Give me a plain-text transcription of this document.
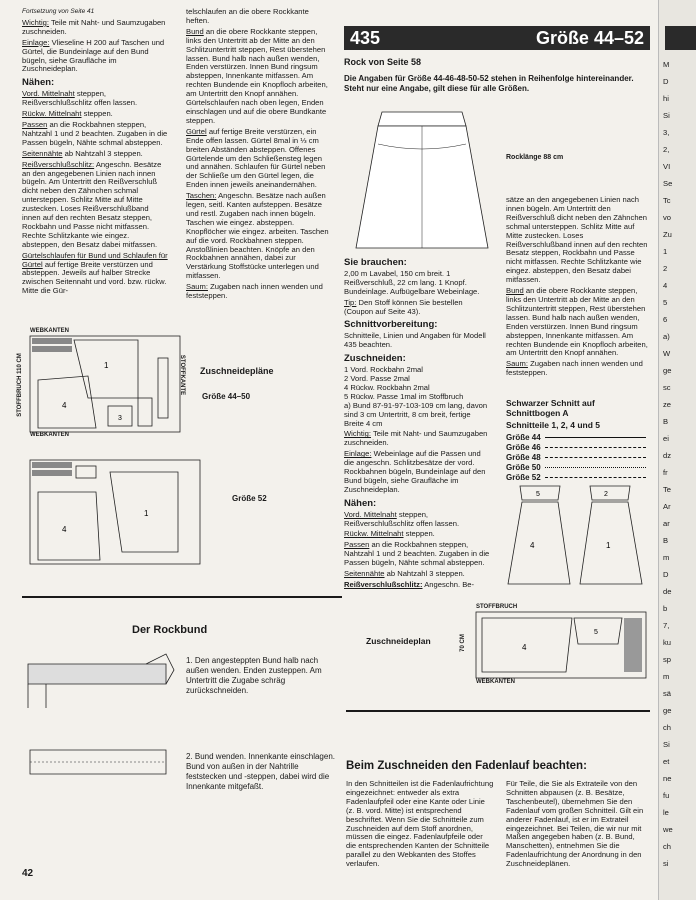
Fortsetzung von Seite 41

Wichtig: Teile mit Naht- und Saumzugaben zuschneiden.

Einlage: Vlieseline H 200 auf Taschen und Gürtel, die Bundeinlage auf den Bund bügeln, siehe Grauflächе im Zuschneideplan.

Nähen:

Vord. Mittelnaht steppen, Reißverschlußschlitz offen lassen.

Rückw. Mittelnaht steppen.

Passen an die Rockbahnen steppen, Nahtzahl 1 und 2 beachten. Zugaben in die Passen bügeln, Nähte schmal absteppen.

Seitennähte ab Nahtzahl 3 steppen.

Reißverschlußschlitz: Angeschn. Besätze an den angegebenen Linien nach innen bügeln. Am Untertritt den Reißverschluß dicht neben den Zähnchen schmal untersteppen. Schlitz Mitte auf Mitte zustecken. Loses Reißverschlußband innen auf den rechten Besatz steppen, Rockbahn und Passe nicht mitfassen. Rechte Schlitzkante wie eingez. absteppen, den Besatz dabei mitfassen.

Gürtelschlaufen für Bund und Schlaufen für Gürtel auf fertige Breite verstürzen und absteppen. Jeweils auf halber Strecke zwischen Seitennaht und vord. bzw. rückw. Mitte die Gür-

telschlaufen an die obere Rockkante heften.

Bund an die obere Rockkante steppen, links den Untertritt ab der Mitte an den Schlitzuntertritt steppen, Rest überstehen lassen. Bund halb nach außen wenden, Enden verstürzen. Innen Bund ringsum absteppen, Innenkante mitfassen. Am rechten Bundende ein Knopfloch arbeiten, am Untertritt den Knopf annähen. Gürtelschlaufen nach oben legen, Enden einschlagen und auf die obere Bundkante steppen.

Gürtel auf fertige Breite verstürzen, ein Ende offen lassen. Gürtel 8mal in ⅓ cm breiten Abständen absteppen. Offenes Gürtelende um den Schließensteg legen und annähen. Schlaufen für Gürtel neben der Schließe um den Gürtel legen, die Enden innen jeweils aneinandernähen.

Taschen: Angeschn. Besätze nach außen legen, seitl. Kanten aufsteppen. Besätze und restl. Zugaben nach innen bügeln. Taschen wie eingez. absteppen. Knopflöcher wie eingez. arbeiten. Taschen auf die vord. Rockbahnen steppen. Anstoßlinien beachten. Knöpfe an den Rockbahnen annähen, dabei zur Verstärkung Stoffstücke unterlegen und mitfassen.

Saum: Zugaben nach innen wenden und feststeppen.

4
1
3
WEBKANTEN
STOFFBRUCH 110 CM	STOFFKANTE
WEBKANTEN
Zuschneidepläne
Größe 44–50
4
1
Größe 52
Der Rockbund
1. Den angesteppten Bund halb nach außen wenden. Enden zusteppen. Am Untertritt die Zugabe schräg zurückschneiden.
2. Bund wenden. Innenkante einschlagen. Bund von außen in der Nahtrille feststecken und -steppen, dabei wird die Innenkante mitgefaßt.
42
435	Größe 44–52
Rock von Seite 58
Die Angaben für Größe 44-46-48-50-52 stehen in Reihenfolge hintereinander. Steht nur eine Angabe, gilt diese für alle Größen.
Rocklänge 88 cm
Sie brauchen:

2,00 m Lavabel, 150 cm breit. 1 Reißverschluß, 22 cm lang. 1 Knopf. Bundeinlage. Aufbügelbare Webeinlage.

Tip: Den Stoff können Sie bestellen (Coupon auf Seite 43).

Schnittvorbereitung:

Schnitteile, Linien und Angaben für Modell 435 beachten.

Zuschneiden:

1 Vord. Rockbahn 2mal

2 Vord. Passe 2mal

4 Rückw. Rockbahn 2mal

5 Rückw. Passe 1mal im Stoffbruch

a) Bund 87-91-97-103-109 cm lang, davon sind 3 cm Untertritt, 8 cm breit, fertige Breite 4 cm

Wichtig: Teile mit Naht- und Saumzugaben zuschneiden.

Einlage: Webeinlage auf die Passen und die angeschn. Schlitzbesätze der vord. Rockbahnen bügeln, Bundeinlage auf den Bund bügeln, siehe Graufläche im Zuschneideplan.

Nähen:

Vord. Mittelnaht steppen, Reißverschlußschlitz offen lassen.

Rückw. Mittelnaht steppen.

Passen an die Rockbahnen steppen, Nahtzahl 1 und 2 beachten. Zugaben in die Passen bügeln, Nähte schmal absteppen.

Seitennähte ab Nahtzahl 3 steppen.

Reißverschlußschlitz: Angeschn. Be-

sätze an den angegebenen Linien nach innen bügeln. Am Untertritt den Reißverschluß dicht neben den Zähnchen schmal untersteppen. Schlitz Mitte auf Mitte zustecken. Loses Reißverschlußband innen auf den rechten Besatz steppen, Rockbahn und Passe nicht mitfassen. Rechte Schlitzkante wie eingez. absteppen, den Besatz dabei mitfassen.

Bund an die obere Rockkante steppen, links den Untertritt ab der Mitte an den Schlitzuntertritt steppen, Rest überstehen lassen. Bund halb nach außen wenden, Enden verstürzen. Innen Bund ringsum absteppen, Innenkante mitfassen. Am rechten Bundende ein Knopfloch arbeiten, am Untertritt den Knopf annähen.

Saum: Zugaben nach innen wenden und feststeppen.

Schwarzer Schnitt auf Schnittbogen A
Schnitteile 1, 2, 4 und 5
Größe 44
Größe 46
Größe 48
Größe 50
Größe 52
4	1
5	2
Zuschneideplan
4
5
STOFFBRUCH
WEBKANTEN
70 CM
Beim Zuschneiden den Fadenlauf beachten:
In den Schnitteilen ist die Fadenlaufrichtung eingezeichnet: entweder als extra Fadenlaufpfeil oder eine Kante oder Linie (z. B. vord. Mitte) ist entsprechend beschriftet. Wenn Sie die Schnitteile zum Zuschneiden auf dem Stoff anordnen, müssen die eingez. Fadenlaufpfeile oder die entsprechenden Kanten der Schnitteile parallel zu den Webkanten des Stoffes verlaufen.
Für Teile, die Sie als Extrateile von den Schnitten abpausen (z. B. Besätze, Taschenbeutel), übernehmen Sie den Fadenlauf vom großen Schnitteil. Gilt ein anderer Fadenlauf, ist er im Extrateil eingezeichnet. Bei Teilen, die wir nur mit Maßen angegeben haben (z. B. Bund, Manschetten), entnehmen Sie die Fadenlaufrichtung der Anordnung in den Zuschneideplänen.
M
D
hi
Si
3,
2,
VI
Se
Tc
vo
Zu
1
2
4
5
6
a)
W
ge
sc
ze
B
ei
dz
fr
Te
Ar
ar
B
m
D
de
b
7,
ku
sp
m
sä
ge
ch
Si
et
ne
fu
le
we
ch
si
